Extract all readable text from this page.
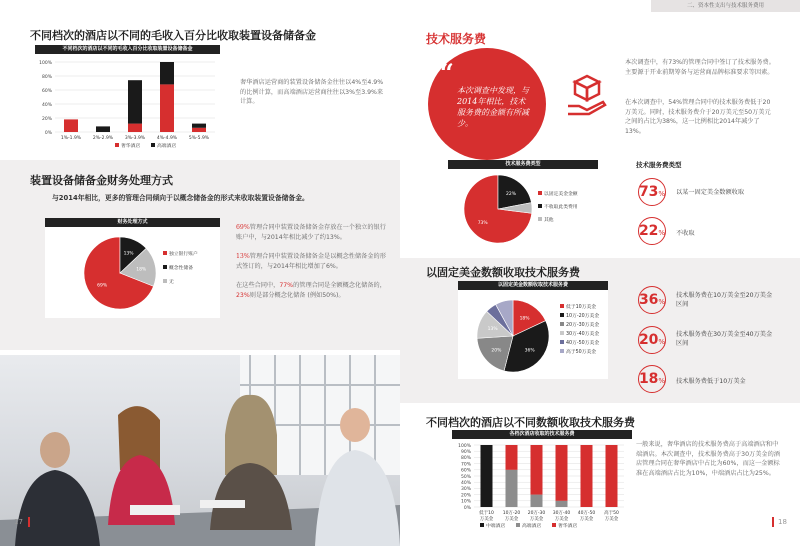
不同档次的酒店以不同的毛收入百分比收取装置设备储备金
不同档次的酒店以不同的毛收入百分比收取装置设备储备金
0%
20%
40%
60%
80%
100%
1%-1.9%	2%-2.9%	3%-3.9%	4%-4.9%	5%-5.9%
奢华酒店	高端酒店
奢华酒店运营商的装置设备储备金往往以4%至4.9%的比例计算，而高端酒店运营商往往以3%至3.9%来计算。
装置设备储备金财务处理方式
与2014年相比，更多的管理合同倾向于以概念储备金的形式来收取装置设备储备金。
财务处理方式
69%
13%
18%
独立银行账户
概念性储备
无
69%管理合同中装置设备储备金存放在一个独立的银行账户中，与2014年相比减少了约13%。
13%管理合同中装置设备储备金是以概念性储备金的形式签订的，与2014年相比增加了6%。
在这些合同中，77%的管理合同是全额概念化储备的，23%则是部分概念化储备 (例如50%)。
17
二、资本性支出与技术服务费用
技术服务费
“
本次调查中发现，与2014年相比，技术服务费的金额有所减少。
本次调查中，有73%的管理合同中签订了技术服务费。主要源于开业前期筹备与运营商品牌标准要求等因素。
在本次调查中，54%管理合同中的技术服务费低于20万美元。同时，技术服务费介于20万美元至50万美元之间的占比为38%，这一比例相比2014年减少了13%。
技术服务费类型
73%
22%	以固定美金金额
不收取此类费用
其他
技术服务费类型
73 % 以某一固定美金数额收取
22 % 不收取
以固定美金数额收取技术服务费
以固定美金数额收取技术服务费
18%
36%
20%
13%
低于10万美金
10万-20万美金
20万-30万美金
30万-40万美金
40万-50万美金
高于50万美金
36 %
技术服务费在10万美金至20万美金区间
20 %
技术服务费在30万美金至40万美金区间
18 % 技术服务费低于10万美金
不同档次的酒店以不同数额收取技术服务费
各档次酒店收取的技术服务费
0%
10%
20%
30%
40%
50%
60%
70%
80%
90%
100%
低于10
万美金
10万-20
万美金
20万-30
万美金
30万-40
万美金
40万-50
万美金
高于50
万美金
中端酒店	高端酒店	奢华酒店
一般来说，奢华酒店的技术服务费高于高端酒店和中端酒店。本次调查中，技术服务费高于30万美金的酒店管理合同在奢华酒店中占比为60%，而这一金额标准在高端酒店占比为10%，中端酒店占比为25%。
18
